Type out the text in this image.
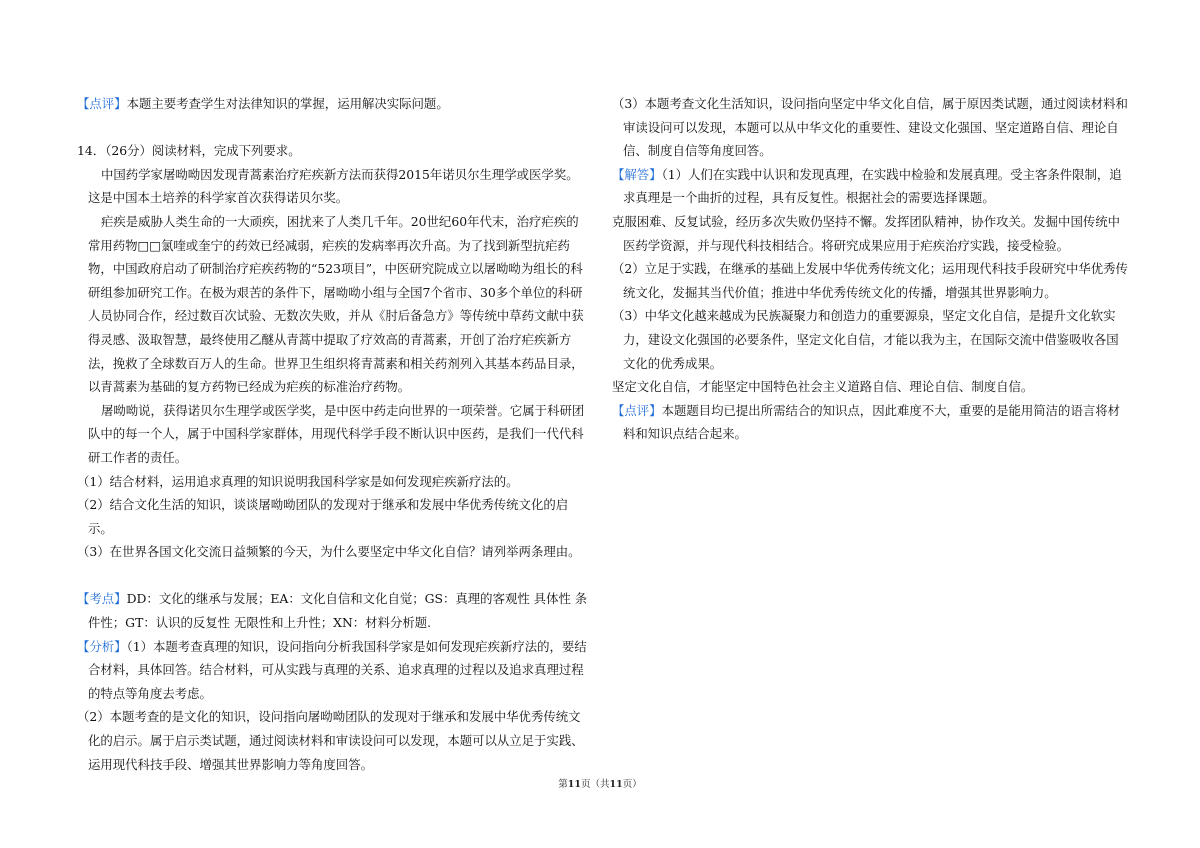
【点评】本题主要考查学生对法律知识的掌握，运用解决实际问题。

14．（26分）阅读材料，完成下列要求。

中国药学家屠呦呦因发现青蒿素治疗疟疾新方法而获得2015年诺贝尔生理学或医学奖。这是中国本土培养的科学家首次获得诺贝尔奖。

疟疾是威胁人类生命的一大顽疾，困扰来了人类几千年。20世纪60年代末，治疗疟疾的常用药物□□氯喹或奎宁的药效已经减弱，疟疾的发病率再次升高。为了找到新型抗疟药物，中国政府启动了研制治疗疟疾药物的“523项目”，中医研究院成立以屠呦呦为组长的科研组参加研究工作。在极为艰苦的条件下，屠呦呦小组与全国7个省市、30多个单位的科研人员协同合作，经过数百次试验、无数次失败，并从《肘后备急方》等传统中草药文献中获得灵感、汲取智慧，最终使用乙醚从青蒿中提取了疗效高的青蒿素，开创了治疗疟疾新方法，挽救了全球数百万人的生命。世界卫生组织将青蒿素和相关药剂列入其基本药品目录，以青蒿素为基础的复方药物已经成为疟疾的标准治疗药物。

屠呦呦说，获得诺贝尔生理学或医学奖，是中医中药走向世界的一项荣誉。它属于科研团队中的每一个人，属于中国科学家群体，用现代科学手段不断认识中医药，是我们一代代科研工作者的责任。

（1）结合材料，运用追求真理的知识说明我国科学家是如何发现疟疾新疗法的。

（2）结合文化生活的知识，谈谈屠呦呦团队的发现对于继承和发展中华优秀传统文化的启示。

（3）在世界各国文化交流日益频繁的今天，为什么要坚定中华文化自信？请列举两条理由。

【考点】DD：文化的继承与发展；EA：文化自信和文化自觉；GS：真理的客观性 具体性 条件性；GT：认识的反复性 无限性和上升性；XN：材料分析题.

【分析】（1）本题考查真理的知识，设问指向分析我国科学家是如何发现疟疾新疗法的，要结合材料，具体回答。结合材料，可从实践与真理的关系、追求真理的过程以及追求真理过程的特点等角度去考虑。

（2）本题考查的是文化的知识，设问指向屠呦呦团队的发现对于继承和发展中华优秀传统文化的启示。属于启示类试题，通过阅读材料和审读设问可以发现，本题可以从立足于实践、运用现代科技手段、增强其世界影响力等角度回答。

（3）本题考查文化生活知识，设问指向坚定中华文化自信，属于原因类试题，通过阅读材料和审读设问可以发现，本题可以从中华文化的重要性、建设文化强国、坚定道路自信、理论自信、制度自信等角度回答。

【解答】（1）人们在实践中认识和发现真理，在实践中检验和发展真理。受主客条件限制，追求真理是一个曲折的过程，具有反复性。根据社会的需要选择课题。

克服困难、反复试验，经历多次失败仍坚持不懈。发挥团队精神，协作攻关。发掘中国传统中医药学资源，并与现代科技相结合。将研究成果应用于疟疾治疗实践，接受检验。

（2）立足于实践，在继承的基础上发展中华优秀传统文化；运用现代科技手段研究中华优秀传统文化，发掘其当代价值；推进中华优秀传统文化的传播，增强其世界影响力。

（3）中华文化越来越成为民族凝聚力和创造力的重要源泉，坚定文化自信，是提升文化软实力，建设文化强国的必要条件，坚定文化自信，才能以我为主，在国际交流中借鉴吸收各国文化的优秀成果。

坚定文化自信，才能坚定中国特色社会主义道路自信、理论自信、制度自信。

【点评】本题题目均已提出所需结合的知识点，因此难度不大，重要的是能用简洁的语言将材料和知识点结合起来。

第11页（共11页）
